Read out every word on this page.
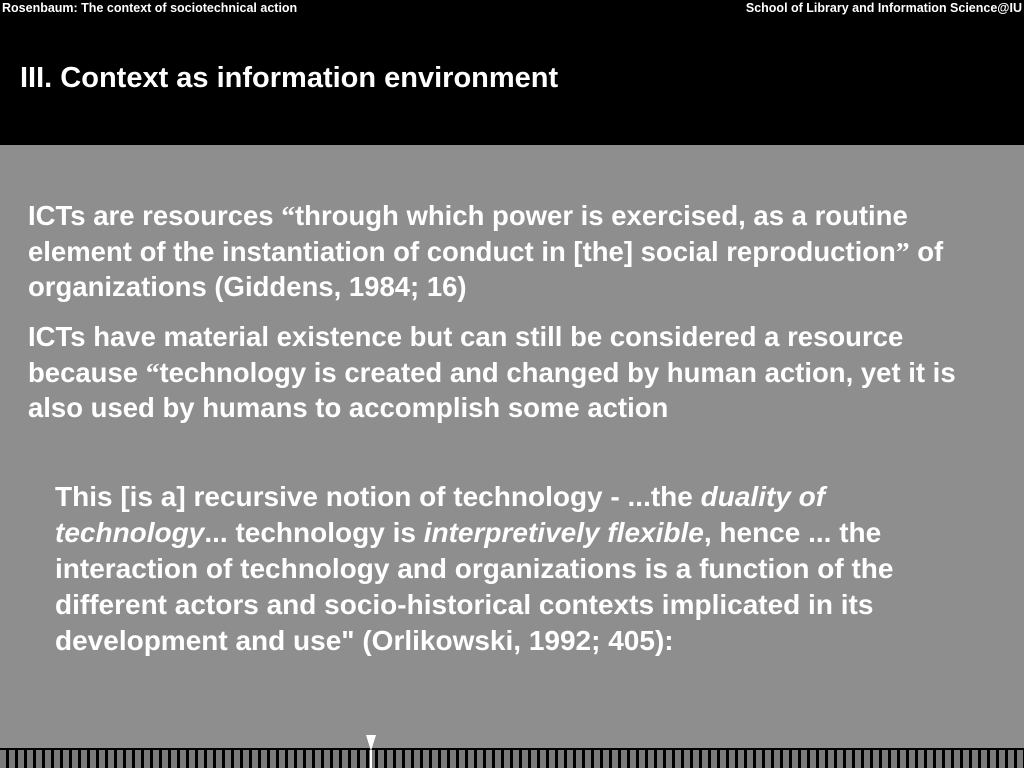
Rosenbaum: The context of sociotechnical action	School of Library and Information Science@IU
III. Context as information environment
ICTs are resources “through which power is exercised, as a routine element of the instantiation of conduct in [the] social reproduction” of organizations (Giddens, 1984; 16)
ICTs have material existence but can still be considered a resource because “technology is created and changed by human action, yet it is also used by humans to accomplish some action
This [is a] recursive notion of technology - ...the duality of technology... technology is interpretively flexible, hence ... the interaction of technology and organizations is a function of the different actors and socio-historical contexts implicated in its development and use" (Orlikowski, 1992; 405):
